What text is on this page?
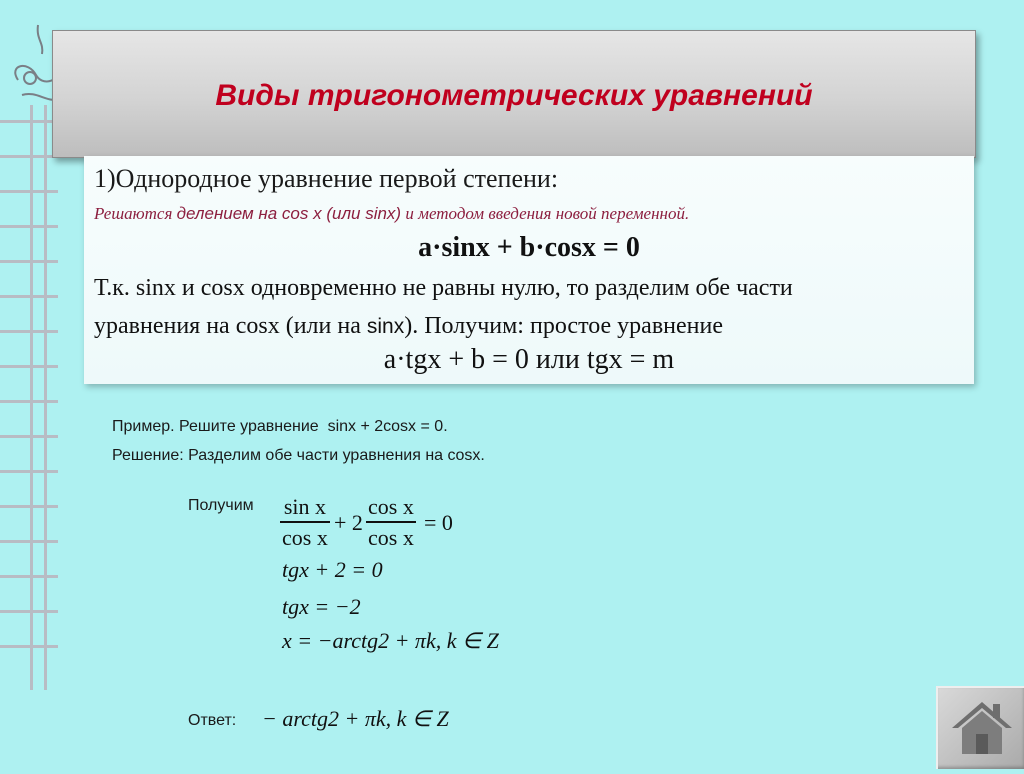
Виды тригонометрических уравнений
1)Однородное уравнение первой степени:
Решаются делением на cos x (или sinx) и методом введения новой переменной.
a·sinx + b·cosx = 0
Т.к. sinx и cosx одновременно не равны нулю, то разделим обе части
уравнения на cosx (или на sinx). Получим: простое уравнение
a·tgx + b = 0 или tgx = m
Пример. Решите уравнение  sinx + 2cosx = 0.
Решение: Разделим обе части уравнения на cosx.
Получим sin x
cos x
+ 2
cos x
cos x
= 0
tgx + 2 = 0
tgx = −2
x = −arctg2 + πk, k ∈ Z
Ответ: − arctg2 + πk, k ∈ Z
